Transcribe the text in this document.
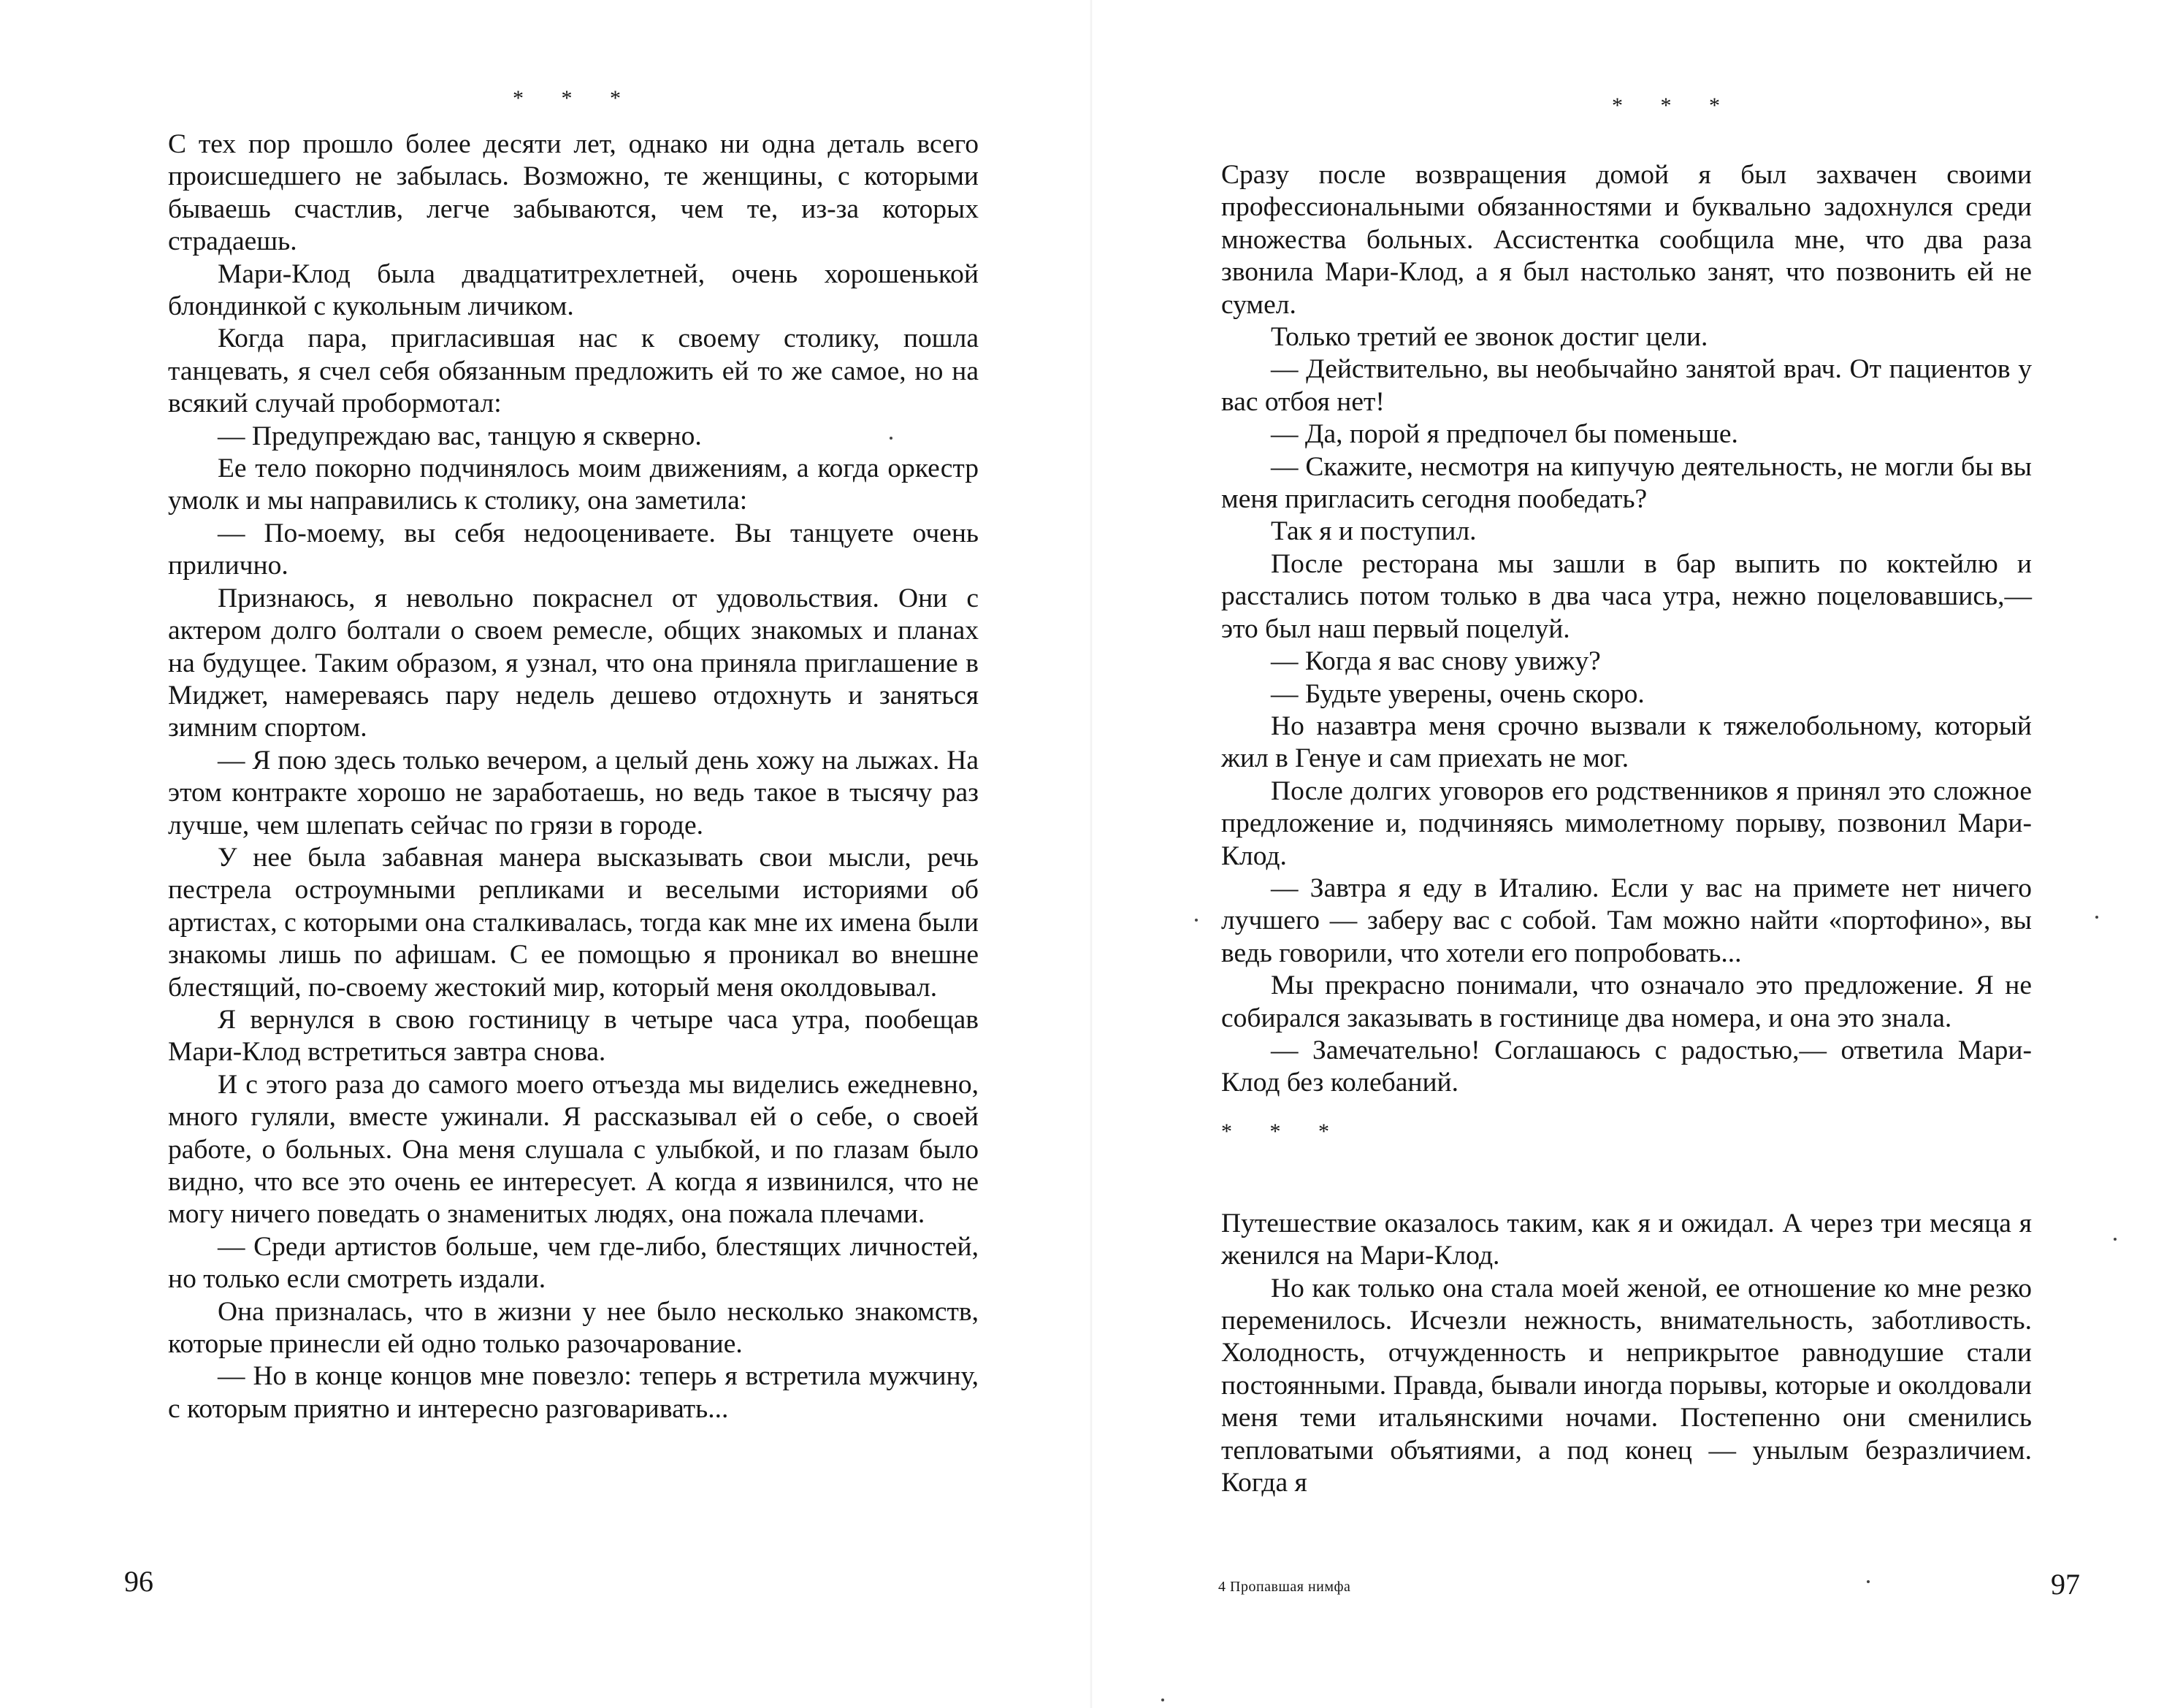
* * *

С тех пор прошло более десяти лет, однако ни одна деталь всего происшедшего не забылась. Возможно, те женщины, с которыми бываешь счастлив, легче забываются, чем те, из-за которых страдаешь.

Мари-Клод была двадцатитрехлетней, очень хорошенькой блондинкой с кукольным личиком.

Когда пара, пригласившая нас к своему столику, пошла танцевать, я счел себя обязанным предложить ей то же самое, но на всякий случай пробормотал:

— Предупреждаю вас, танцую я скверно.

Ее тело покорно подчинялось моим движениям, а когда оркестр умолк и мы направились к столику, она заметила:

— По-моему, вы себя недооцениваете. Вы танцуете очень прилично.

Признаюсь, я невольно покраснел от удовольствия. Они с актером долго болтали о своем ремесле, общих знакомых и планах на будущее. Таким образом, я узнал, что она приняла приглашение в Миджет, намереваясь пару недель дешево отдохнуть и заняться зимним спортом.

— Я пою здесь только вечером, а целый день хожу на лыжах. На этом контракте хорошо не заработаешь, но ведь такое в тысячу раз лучше, чем шлепать сейчас по грязи в городе.

У нее была забавная манера высказывать свои мысли, речь пестрела остроумными репликами и веселыми историями об артистах, с которыми она сталкивалась, тогда как мне их имена были знакомы лишь по афишам. С ее помощью я проникал во внешне блестящий, по-своему жестокий мир, который меня околдовывал.

Я вернулся в свою гостиницу в четыре часа утра, пообещав Мари-Клод встретиться завтра снова.

И с этого раза до самого моего отъезда мы виделись ежедневно, много гуляли, вместе ужинали. Я рассказывал ей о себе, о своей работе, о больных. Она меня слушала с улыбкой, и по глазам было видно, что все это очень ее интересует. А когда я извинился, что не могу ничего поведать о знаменитых людях, она пожала плечами.

— Среди артистов больше, чем где-либо, блестящих личностей, но только если смотреть издали.

Она призналась, что в жизни у нее было несколько знакомств, которые принесли ей одно только разочарование.

— Но в конце концов мне повезло: теперь я встретила мужчину, с которым приятно и интересно разговаривать...

96
* * *

Сразу после возвращения домой я был захвачен своими профессиональными обязанностями и буквально задохнулся среди множества больных. Ассистентка сообщила мне, что два раза звонила Мари-Клод, а я был настолько занят, что позвонить ей не сумел.

Только третий ее звонок достиг цели.

— Действительно, вы необычайно занятой врач. От пациентов у вас отбоя нет!

— Да, порой я предпочел бы поменьше.

— Скажите, несмотря на кипучую деятельность, не могли бы вы меня пригласить сегодня пообедать?

Так я и поступил.

После ресторана мы зашли в бар выпить по коктейлю и расстались потом только в два часа утра, нежно поцеловавшись,— это был наш первый поцелуй.

— Когда я вас снову увижу?

— Будьте уверены, очень скоро.

Но назавтра меня срочно вызвали к тяжелобольному, который жил в Генуе и сам приехать не мог.

После долгих уговоров его родственников я принял это сложное предложение и, подчиняясь мимолетному порыву, позвонил Мари-Клод.

— Завтра я еду в Италию. Если у вас на примете нет ничего лучшего — заберу вас с собой. Там можно найти «портофино», вы ведь говорили, что хотели его попробовать...

Мы прекрасно понимали, что означало это предложение. Я не собирался заказывать в гостинице два номера, и она это знала.

— Замечательно! Соглашаюсь с радостью,— ответила Мари-Клод без колебаний.

* * *

Путешествие оказалось таким, как я и ожидал. А через три месяца я женился на Мари-Клод.

Но как только она стала моей женой, ее отношение ко мне резко переменилось. Исчезли нежность, внимательность, заботливость. Холодность, отчужденность и неприкрытое равнодушие стали постоянными. Правда, бывали иногда порывы, которые и околдовали меня теми итальянскими ночами. Постепенно они сменились тепловатыми объятиями, а под конец — унылым безразличием. Когда я

4 Пропавшая нимфа	97
